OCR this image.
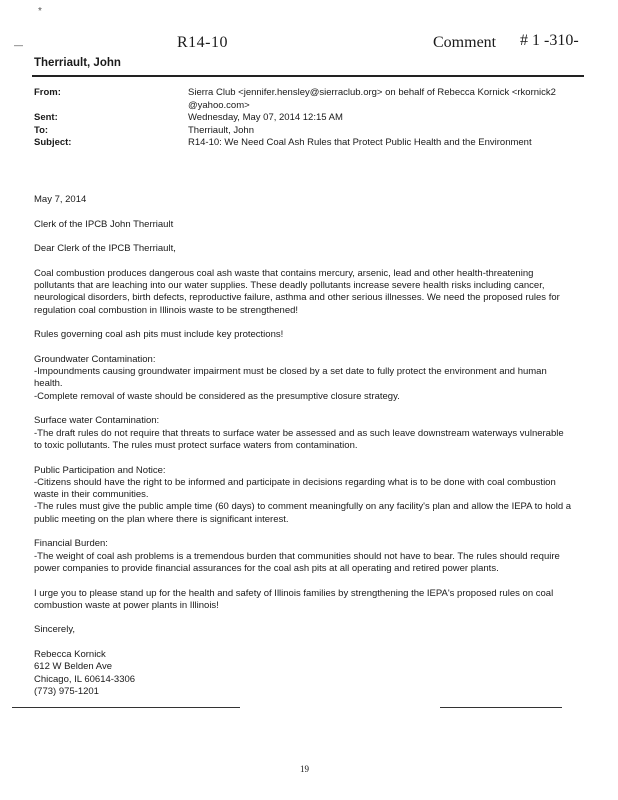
*
—	R14-10	Comment # 1 -310-
Therriault, John
From:	Sierra Club <jennifer.hensley@sierraclub.org> on behalf of Rebecca Kornick <rkornick2 @yahoo.com>
Sent:	Wednesday, May 07, 2014 12:15 AM
To:	Therriault, John
Subject:	R14-10: We Need Coal Ash Rules that Protect Public Health and the Environment

May 7, 2014

Clerk of the IPCB John Therriault

Dear Clerk of the IPCB Therriault,

Coal combustion produces dangerous coal ash waste that contains mercury, arsenic, lead and other health-threatening pollutants that are leaching into our water supplies. These deadly pollutants increase severe health risks including cancer, neurological disorders, birth defects, reproductive failure, asthma and other serious illnesses. We need the proposed rules for regulation coal combustion in Illinois waste to be strengthened!

Rules governing coal ash pits must include key protections!

Groundwater Contamination:
-Impoundments causing groundwater impairment must be closed by a set date to fully protect the environment and human health.
-Complete removal of waste should be considered as the presumptive closure strategy.
Surface water Contamination:
-The draft rules do not require that threats to surface water be assessed and as such leave downstream waterways vulnerable to toxic pollutants. The rules must protect surface waters from contamination.
Public Participation and Notice:
-Citizens should have the right to be informed and participate in decisions regarding what is to be done with coal combustion waste in their communities.
-The rules must give the public ample time (60 days) to comment meaningfully on any facility's plan and allow the IEPA to hold a public meeting on the plan where there is significant interest.
Financial Burden:
-The weight of coal ash problems is a tremendous burden that communities should not have to bear. The rules should require power companies to provide financial assurances for the coal ash pits at all operating and retired power plants.

I urge you to please stand up for the health and safety of Illinois families by strengthening the IEPA's proposed rules on coal combustion waste at power plants in Illinois!

Sincerely,

Rebecca Kornick
612 W Belden Ave
Chicago, IL 60614-3306
(773) 975-1201
19
